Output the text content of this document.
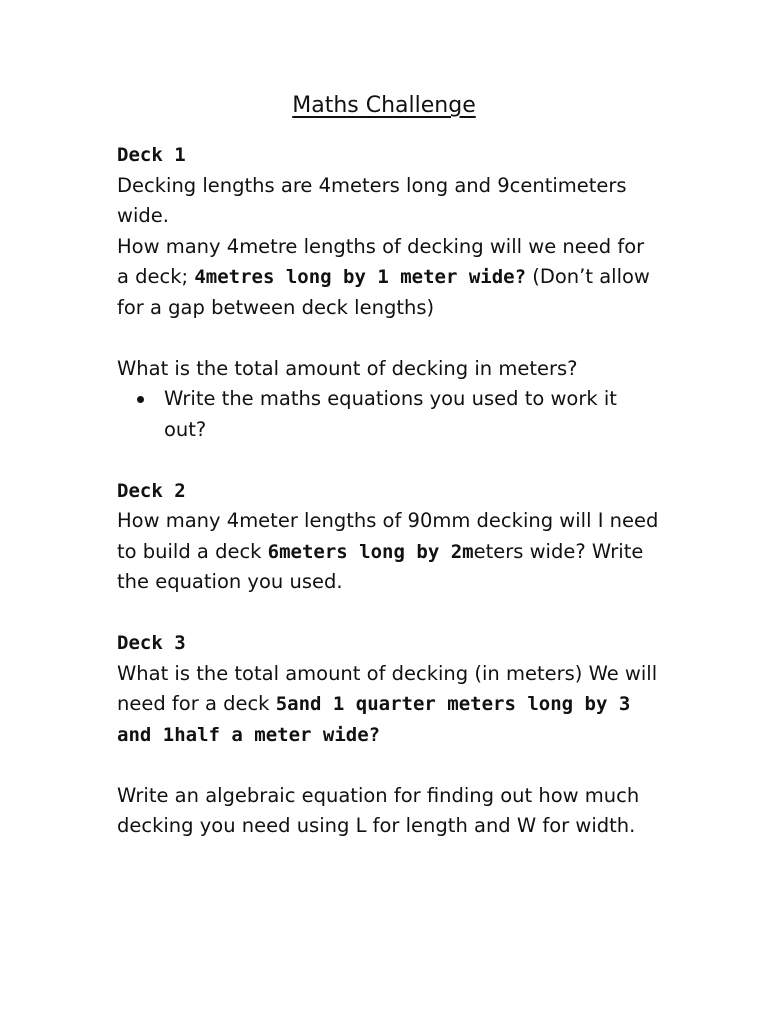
Maths Challenge

Deck 1

Decking lengths are 4meters long and 9centimeters wide.

How many 4metre lengths of decking will we need for a deck; 4metres long by 1 meter wide? (Don’t allow for a gap between deck lengths)

What is the total amount of decking in meters?

Write the maths equations you used to work it out?

Deck 2

How many 4meter lengths of 90mm decking will I need to build a deck 6meters long by 2meters wide? Write the equation you used.

Deck 3

What is the total amount of decking (in meters) We will need for a deck 5and 1 quarter meters long by 3 and 1half a meter wide?

Write an algebraic equation for finding out how much decking you need using L for length and W for width.
